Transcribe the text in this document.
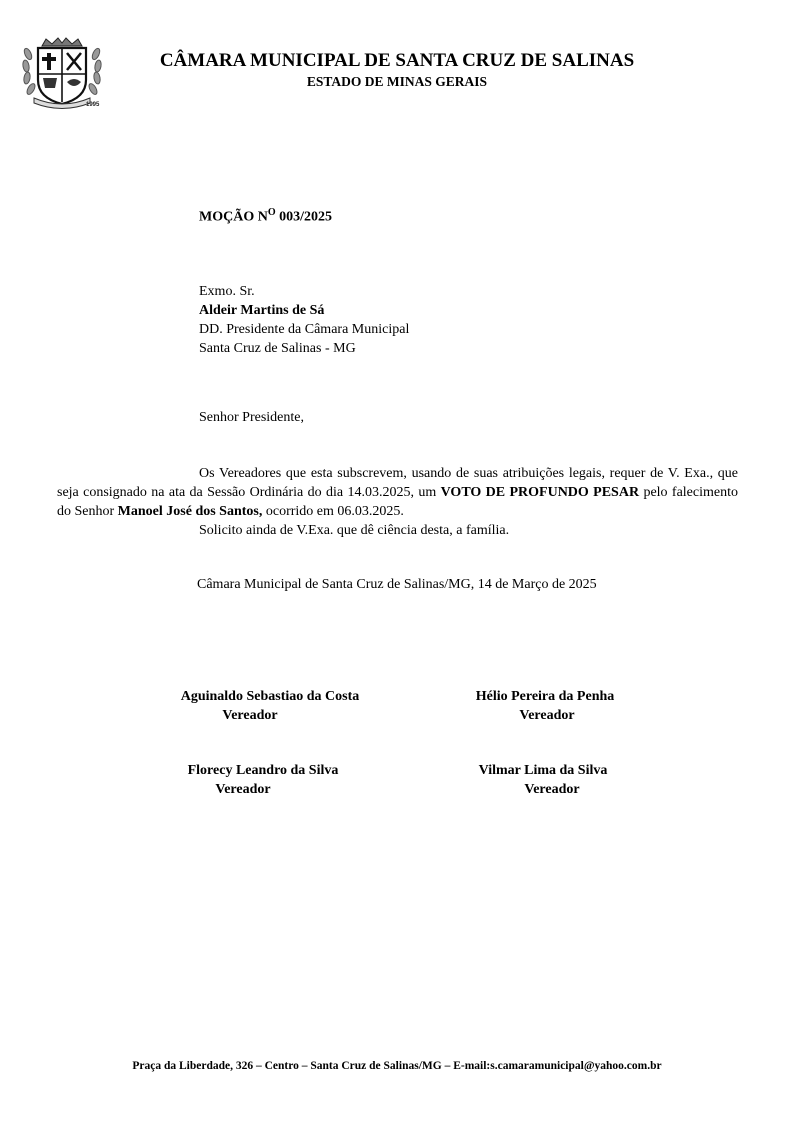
1995
CÂMARA MUNICIPAL DE SANTA CRUZ DE SALINAS
ESTADO DE MINAS GERAIS
MOÇÃO $N^O$ 003/2025
Exmo. Sr.
Aldeir Martins de Sá
DD. Presidente da Câmara Municipal
Santa Cruz de Salinas - MG
Senhor Presidente,
Os Vereadores que esta subscrevem, usando de suas atribuições legais, requer de V. Exa., que seja consignado na ata da Sessão Ordinária do dia 14.03.2025, um VOTO DE PROFUNDO PESAR pelo falecimento do Senhor Manoel José dos Santos, ocorrido em 06.03.2025.
Solicito ainda de V.Exa. que dê ciência desta, a família.
Câmara Municipal de Santa Cruz de Salinas/MG, 14 de Março de 2025
Aguinaldo Sebastiao da Costa
Vereador
Hélio Pereira da Penha
Vereador
Florecy Leandro da Silva
Vereador
Vilmar Lima da Silva
Vereador
Praça da Liberdade, 326 – Centro – Santa Cruz de Salinas/MG – E-mail:s.camaramunicipal@yahoo.com.br
